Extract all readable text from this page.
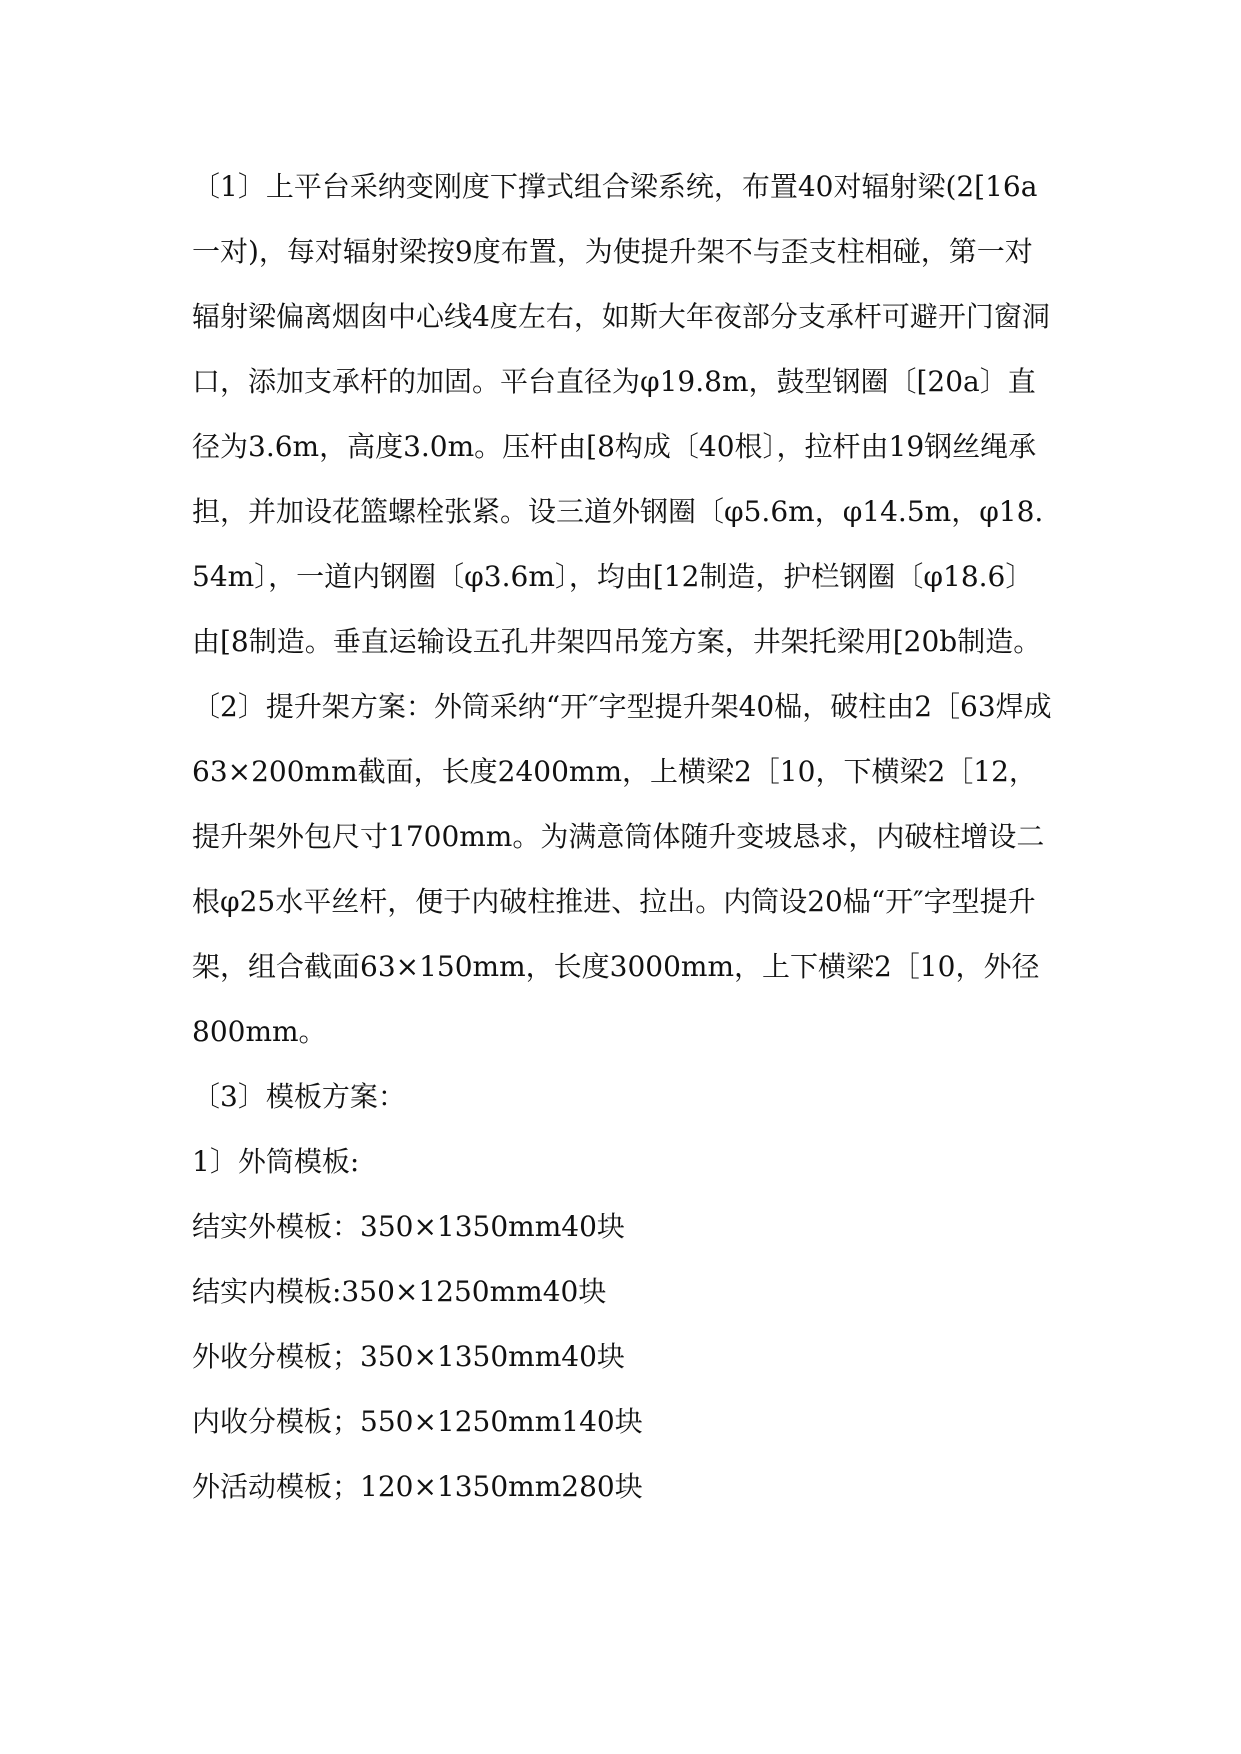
〔1〕上平台采纳变刚度下撑式组合梁系统，布置40对辐射梁(2[16a一对)，每对辐射梁按9度布置，为使提升架不与歪支柱相碰，第一对辐射梁偏离烟囱中心线4度左右，如斯大年夜部分支承杆可避开门窗洞口，添加支承杆的加固。平台直径为φ19.8m，鼓型钢圈〔[20a〕直径为3.6m，高度3.0m。压杆由[8构成〔40根〕，拉杆由19钢丝绳承担，并加设花篮螺栓张紧。设三道外钢圈〔φ5.6m，φ14.5m，φ18.54m〕，一道内钢圈〔φ3.6m〕，均由[12制造，护栏钢圈〔φ18.6〕由[8制造。垂直运输设五孔井架四吊笼方案，井架托梁用[20b制造。

〔2〕提升架方案：外筒采纳“开″字型提升架40榀，破柱由2［63焊成63×200mm截面，长度2400mm，上横梁2［10，下横梁2［12，提升架外包尺寸1700mm。为满意筒体随升变坡恳求，内破柱增设二根φ25水平丝杆，便于内破柱推进、拉出。内筒设20榀“开″字型提升架，组合截面63×150mm，长度3000mm，上下横梁2［10，外径800mm。

〔3〕模板方案：

1〕外筒模板:

结实外模板：350×1350mm40块

结实内模板:350×1250mm40块

外收分模板；350×1350mm40块

内收分模板；550×1250mm140块

外活动模板；120×1350mm280块
